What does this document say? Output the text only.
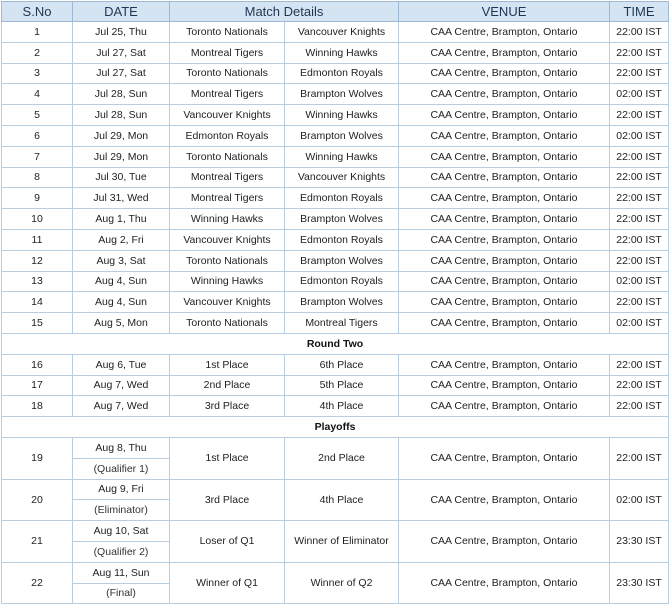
S.No	DATE	Match Details		VENUE	TIME
1	Jul 25, Thu	Toronto Nationals	Vancouver Knights	CAA Centre, Brampton, Ontario	22:00 IST
2	Jul 27, Sat	Montreal Tigers	Winning Hawks	CAA Centre, Brampton, Ontario	22:00 IST
3	Jul 27, Sat	Toronto Nationals	Edmonton Royals	CAA Centre, Brampton, Ontario	22:00 IST
4	Jul 28, Sun	Montreal Tigers	Brampton Wolves	CAA Centre, Brampton, Ontario	02:00 IST
5	Jul 28, Sun	Vancouver Knights	Winning Hawks	CAA Centre, Brampton, Ontario	22:00 IST
6	Jul 29, Mon	Edmonton Royals	Brampton Wolves	CAA Centre, Brampton, Ontario	02:00 IST
7	Jul 29, Mon	Toronto Nationals	Winning Hawks	CAA Centre, Brampton, Ontario	22:00 IST
8	Jul 30, Tue	Montreal Tigers	Vancouver Knights	CAA Centre, Brampton, Ontario	22:00 IST
9	Jul 31, Wed	Montreal Tigers	Edmonton Royals	CAA Centre, Brampton, Ontario	22:00 IST
10	Aug 1, Thu	Winning Hawks	Brampton Wolves	CAA Centre, Brampton, Ontario	22:00 IST
11	Aug 2, Fri	Vancouver Knights	Edmonton Royals	CAA Centre, Brampton, Ontario	22:00 IST
12	Aug 3, Sat	Toronto Nationals	Brampton Wolves	CAA Centre, Brampton, Ontario	22:00 IST
13	Aug 4, Sun	Winning Hawks	Edmonton Royals	CAA Centre, Brampton, Ontario	02:00 IST
14	Aug 4, Sun	Vancouver Knights	Brampton Wolves	CAA Centre, Brampton, Ontario	22:00 IST
15	Aug 5, Mon	Toronto Nationals	Montreal Tigers	CAA Centre, Brampton, Ontario	02:00 IST
Round Two					
16	Aug 6, Tue	1st Place	6th Place	CAA Centre, Brampton, Ontario	22:00 IST
17	Aug 7, Wed	2nd Place	5th Place	CAA Centre, Brampton, Ontario	22:00 IST
18	Aug 7, Wed	3rd Place	4th Place	CAA Centre, Brampton, Ontario	22:00 IST
Playoffs					
19	Aug 8, Thu	1st Place	2nd Place	CAA Centre, Brampton, Ontario	22:00 IST
	(Qualifier 1)				
20	Aug 9, Fri	3rd Place	4th Place	CAA Centre, Brampton, Ontario	02:00 IST
	(Eliminator)				
21	Aug 10, Sat	Loser of Q1	Winner of Eliminator	CAA Centre, Brampton, Ontario	23:30 IST
	(Qualifier 2)				
22	Aug 11, Sun	Winner of Q1	Winner of Q2	CAA Centre, Brampton, Ontario	23:30 IST
	(Final)				
